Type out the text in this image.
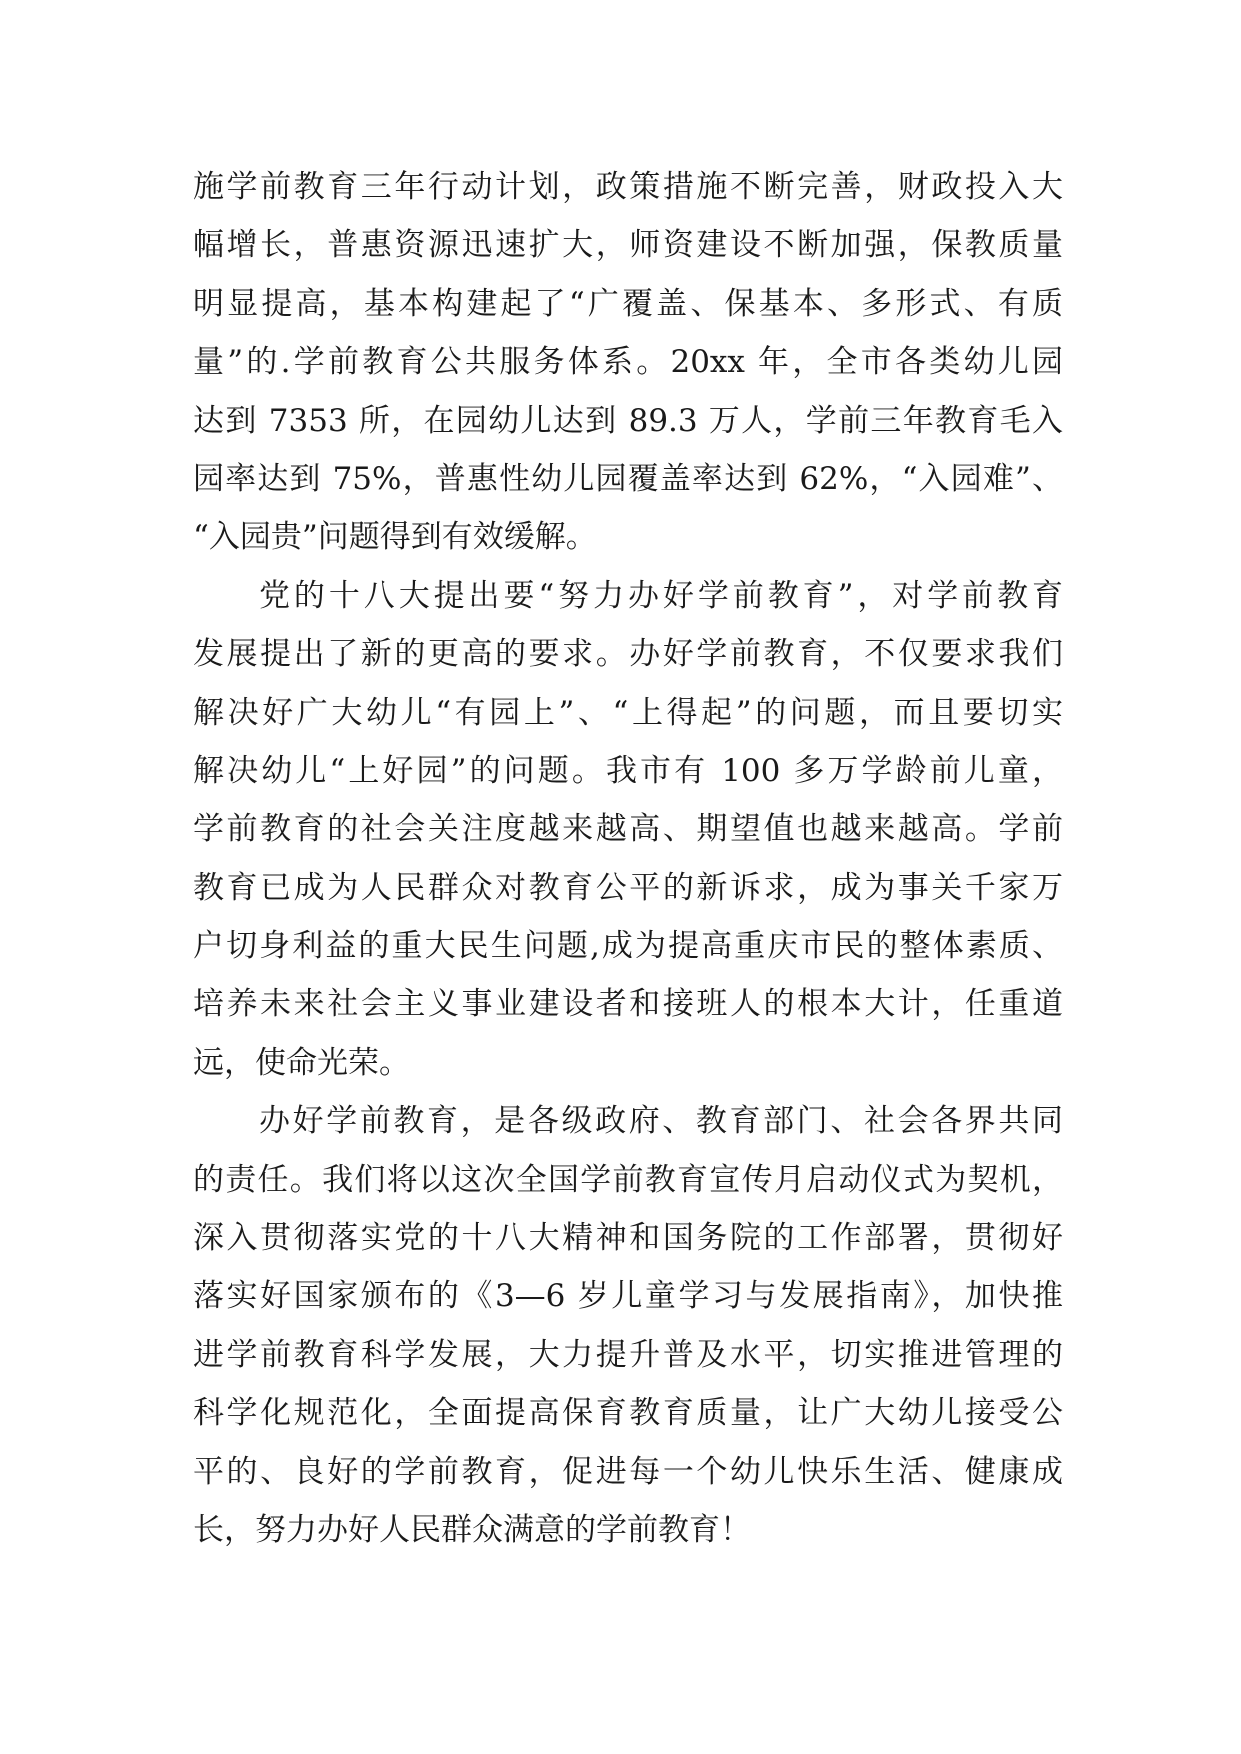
施学前教育三年行动计划，政策措施不断完善，财政投入大
幅增长，普惠资源迅速扩大，师资建设不断加强，保教质量
明显提高，基本构建起了“广覆盖、保基本、多形式、有质
量”的.学前教育公共服务体系。20xx 年，全市各类幼儿园
达到 7353 所，在园幼儿达到 89.3 万人，学前三年教育毛入
园率达到 75%，普惠性幼儿园覆盖率达到 62%，“入园难”、
“入园贵”问题得到有效缓解。
党的十八大提出要“努力办好学前教育”，对学前教育
发展提出了新的更高的要求。办好学前教育，不仅要求我们
解决好广大幼儿“有园上”、“上得起”的问题，而且要切实
解决幼儿“上好园”的问题。我市有 100 多万学龄前儿童，
学前教育的社会关注度越来越高、期望值也越来越高。学前
教育已成为人民群众对教育公平的新诉求，成为事关千家万
户切身利益的重大民生问题,成为提高重庆市民的整体素质、
培养未来社会主义事业建设者和接班人的根本大计，任重道
远，使命光荣。
办好学前教育，是各级政府、教育部门、社会各界共同
的责任。我们将以这次全国学前教育宣传月启动仪式为契机，
深入贯彻落实党的十八大精神和国务院的工作部署，贯彻好
落实好国家颁布的《3—6 岁儿童学习与发展指南》，加快推
进学前教育科学发展，大力提升普及水平，切实推进管理的
科学化规范化，全面提高保育教育质量，让广大幼儿接受公
平的、良好的学前教育，促进每一个幼儿快乐生活、健康成
长，努力办好人民群众满意的学前教育！
